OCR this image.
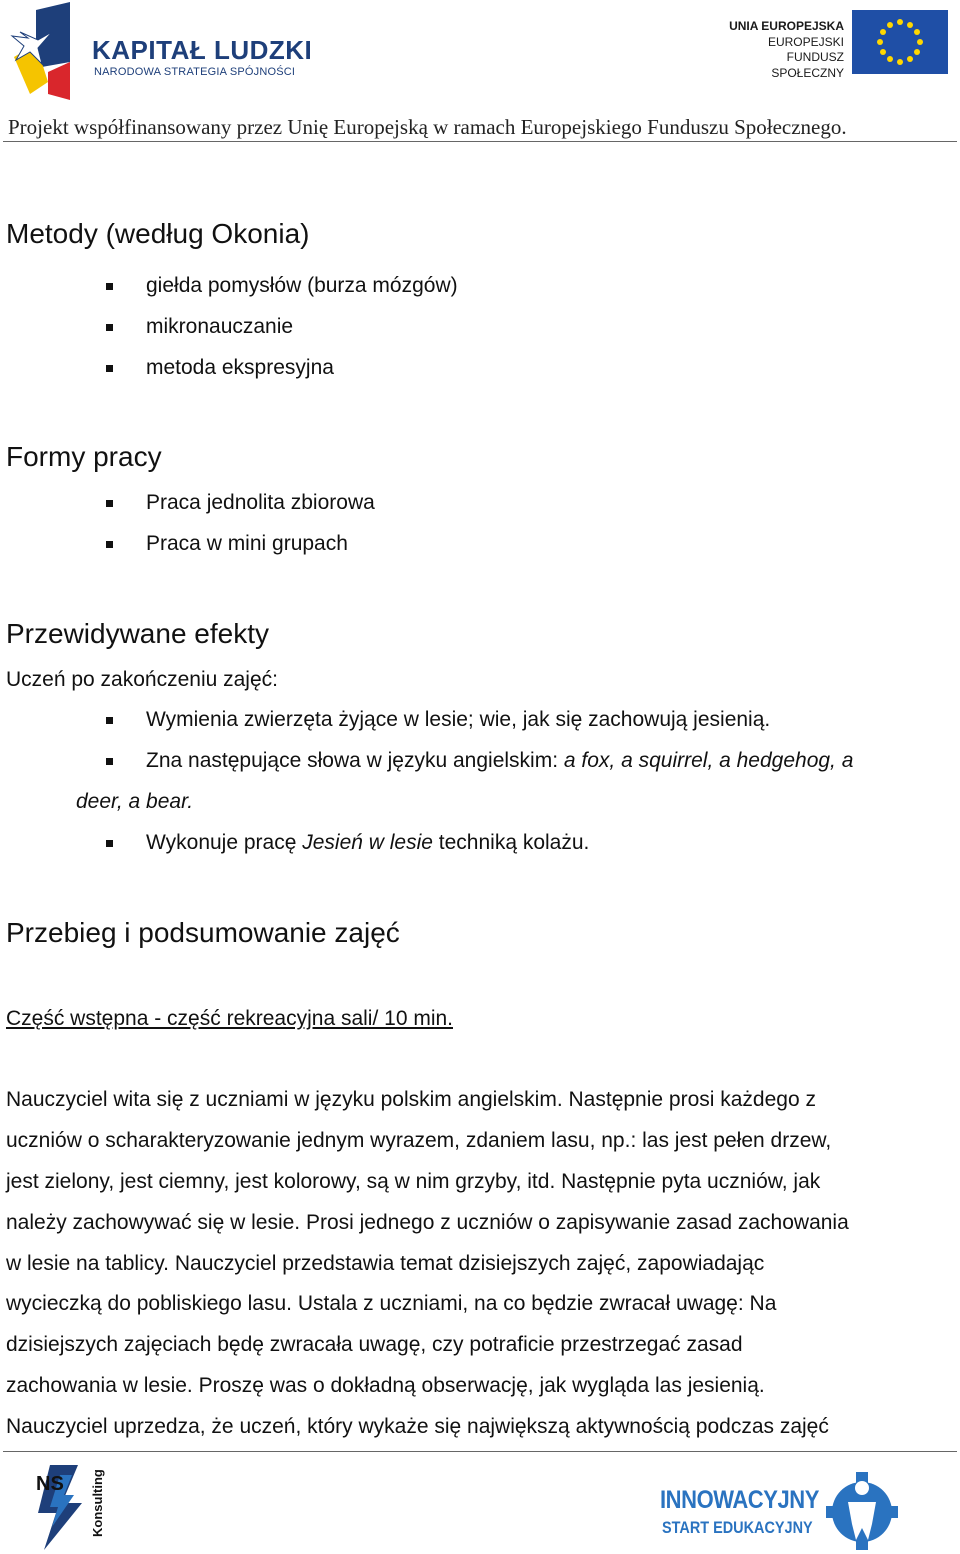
KAPITAŁ LUDZKI
NARODOWA STRATEGIA SPÓJNOŚCI
UNIA EUROPEJSKA
EUROPEJSKI
FUNDUSZ SPOŁECZNY
Projekt współfinansowany przez Unię Europejską w ramach Europejskiego Funduszu Społecznego.
Metody (według Okonia)
giełda pomysłów (burza mózgów)
mikronauczanie
metoda ekspresyjna
Formy pracy
Praca jednolita zbiorowa
Praca w mini grupach
Przewidywane efekty
Uczeń po zakończeniu zajęć:
Wymienia zwierzęta żyjące w lesie; wie, jak się zachowują jesienią.
Zna następujące słowa w języku angielskim: a fox, a squirrel, a hedgehog, a
deer, a bear.
Wykonuje pracę Jesień w lesie techniką kolażu.
Przebieg i podsumowanie zajęć
Część wstępna - część rekreacyjna sali/ 10 min.
Nauczyciel wita się z uczniami w języku polskim angielskim. Następnie prosi każdego z
uczniów o scharakteryzowanie jednym wyrazem, zdaniem lasu, np.: las jest pełen drzew,
jest zielony, jest ciemny, jest kolorowy, są w nim grzyby, itd. Następnie pyta uczniów, jak
należy zachowywać się w lesie. Prosi jednego z uczniów o zapisywanie zasad zachowania
w lesie na tablicy. Nauczyciel przedstawia temat dzisiejszych zajęć, zapowiadając
wycieczką do pobliskiego lasu. Ustala z uczniami, na co będzie zwracał uwagę: Na
dzisiejszych zajęciach będę zwracała uwagę, czy potraficie przestrzegać zasad
zachowania w lesie. Proszę was o dokładną obserwację, jak wygląda las jesienią.
Nauczyciel uprzedza, że uczeń, który wykaże się największą aktywnością podczas zajęć
NS Konsulting	INNOWACYJNY
START EDUKACYJNY
